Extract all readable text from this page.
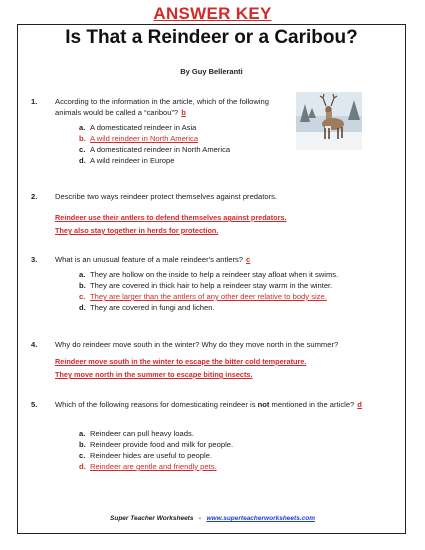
ANSWER KEY
Is That a Reindeer or a Caribou?
By Guy Belleranti
1.	According to the information in the article, which of the following animals would be called a “caribou”? b
a. A domesticated reindeer in Asia
b. A wild reindeer in North America
c. A domesticated reindeer in North America
d. A wild reindeer in Europe
2.	Describe two ways reindeer protect themselves against predators.
Reindeer use their antlers to defend themselves against predators.
They also stay together in herds for protection.
3.	What is an unusual feature of a male reindeer's antlers? c
a. They are hollow on the inside to help a reindeer stay afloat when it swims.
b. They are covered in thick hair to help a reindeer stay warm in the winter.
c. They are larger than the antlers of any other deer relative to body size.
d. They are covered in fungi and lichen.
4.	Why do reindeer move south in the winter? Why do they move north in the summer?
Reindeer move south in the winter to escape the bitter cold temperature.
They move north in the summer to escape biting insects.
5.	Which of the following reasons for domesticating reindeer is not mentioned in the article? d
a. Reindeer can pull heavy loads.
b. Reindeer provide food and milk for people.
c. Reindeer hides are useful to people.
d. Reindeer are gentle and friendly pets.
Super Teacher Worksheets - www.superteacherworksheets.com
